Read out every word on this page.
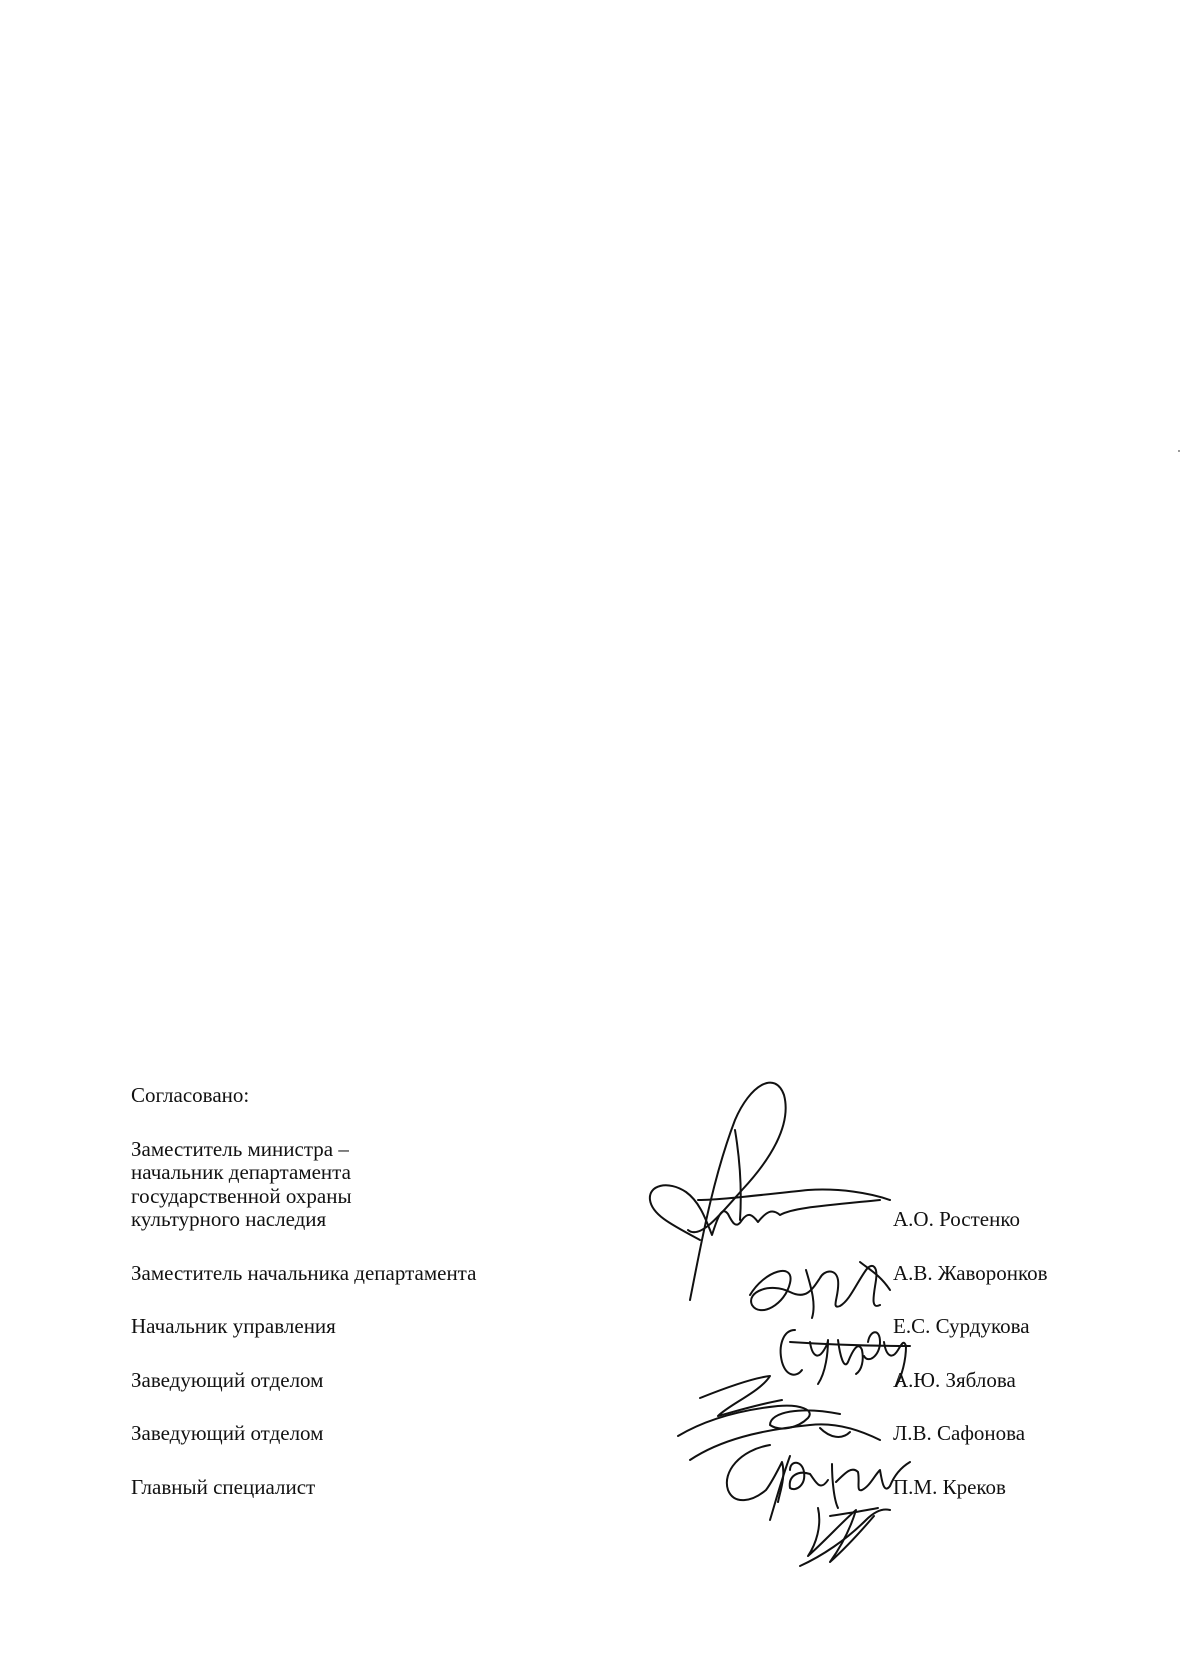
Согласовано:
Заместитель министра –
начальник департамента
государственной охраны
культурного наследия	А.О. Ростенко
Заместитель начальника департамента	А.В. Жаворонков
Начальник управления	Е.С. Сурдукова
Заведующий отделом	А.Ю. Зяблова
Заведующий отделом	Л.В. Сафонова
Главный специалист	П.М. Креков
